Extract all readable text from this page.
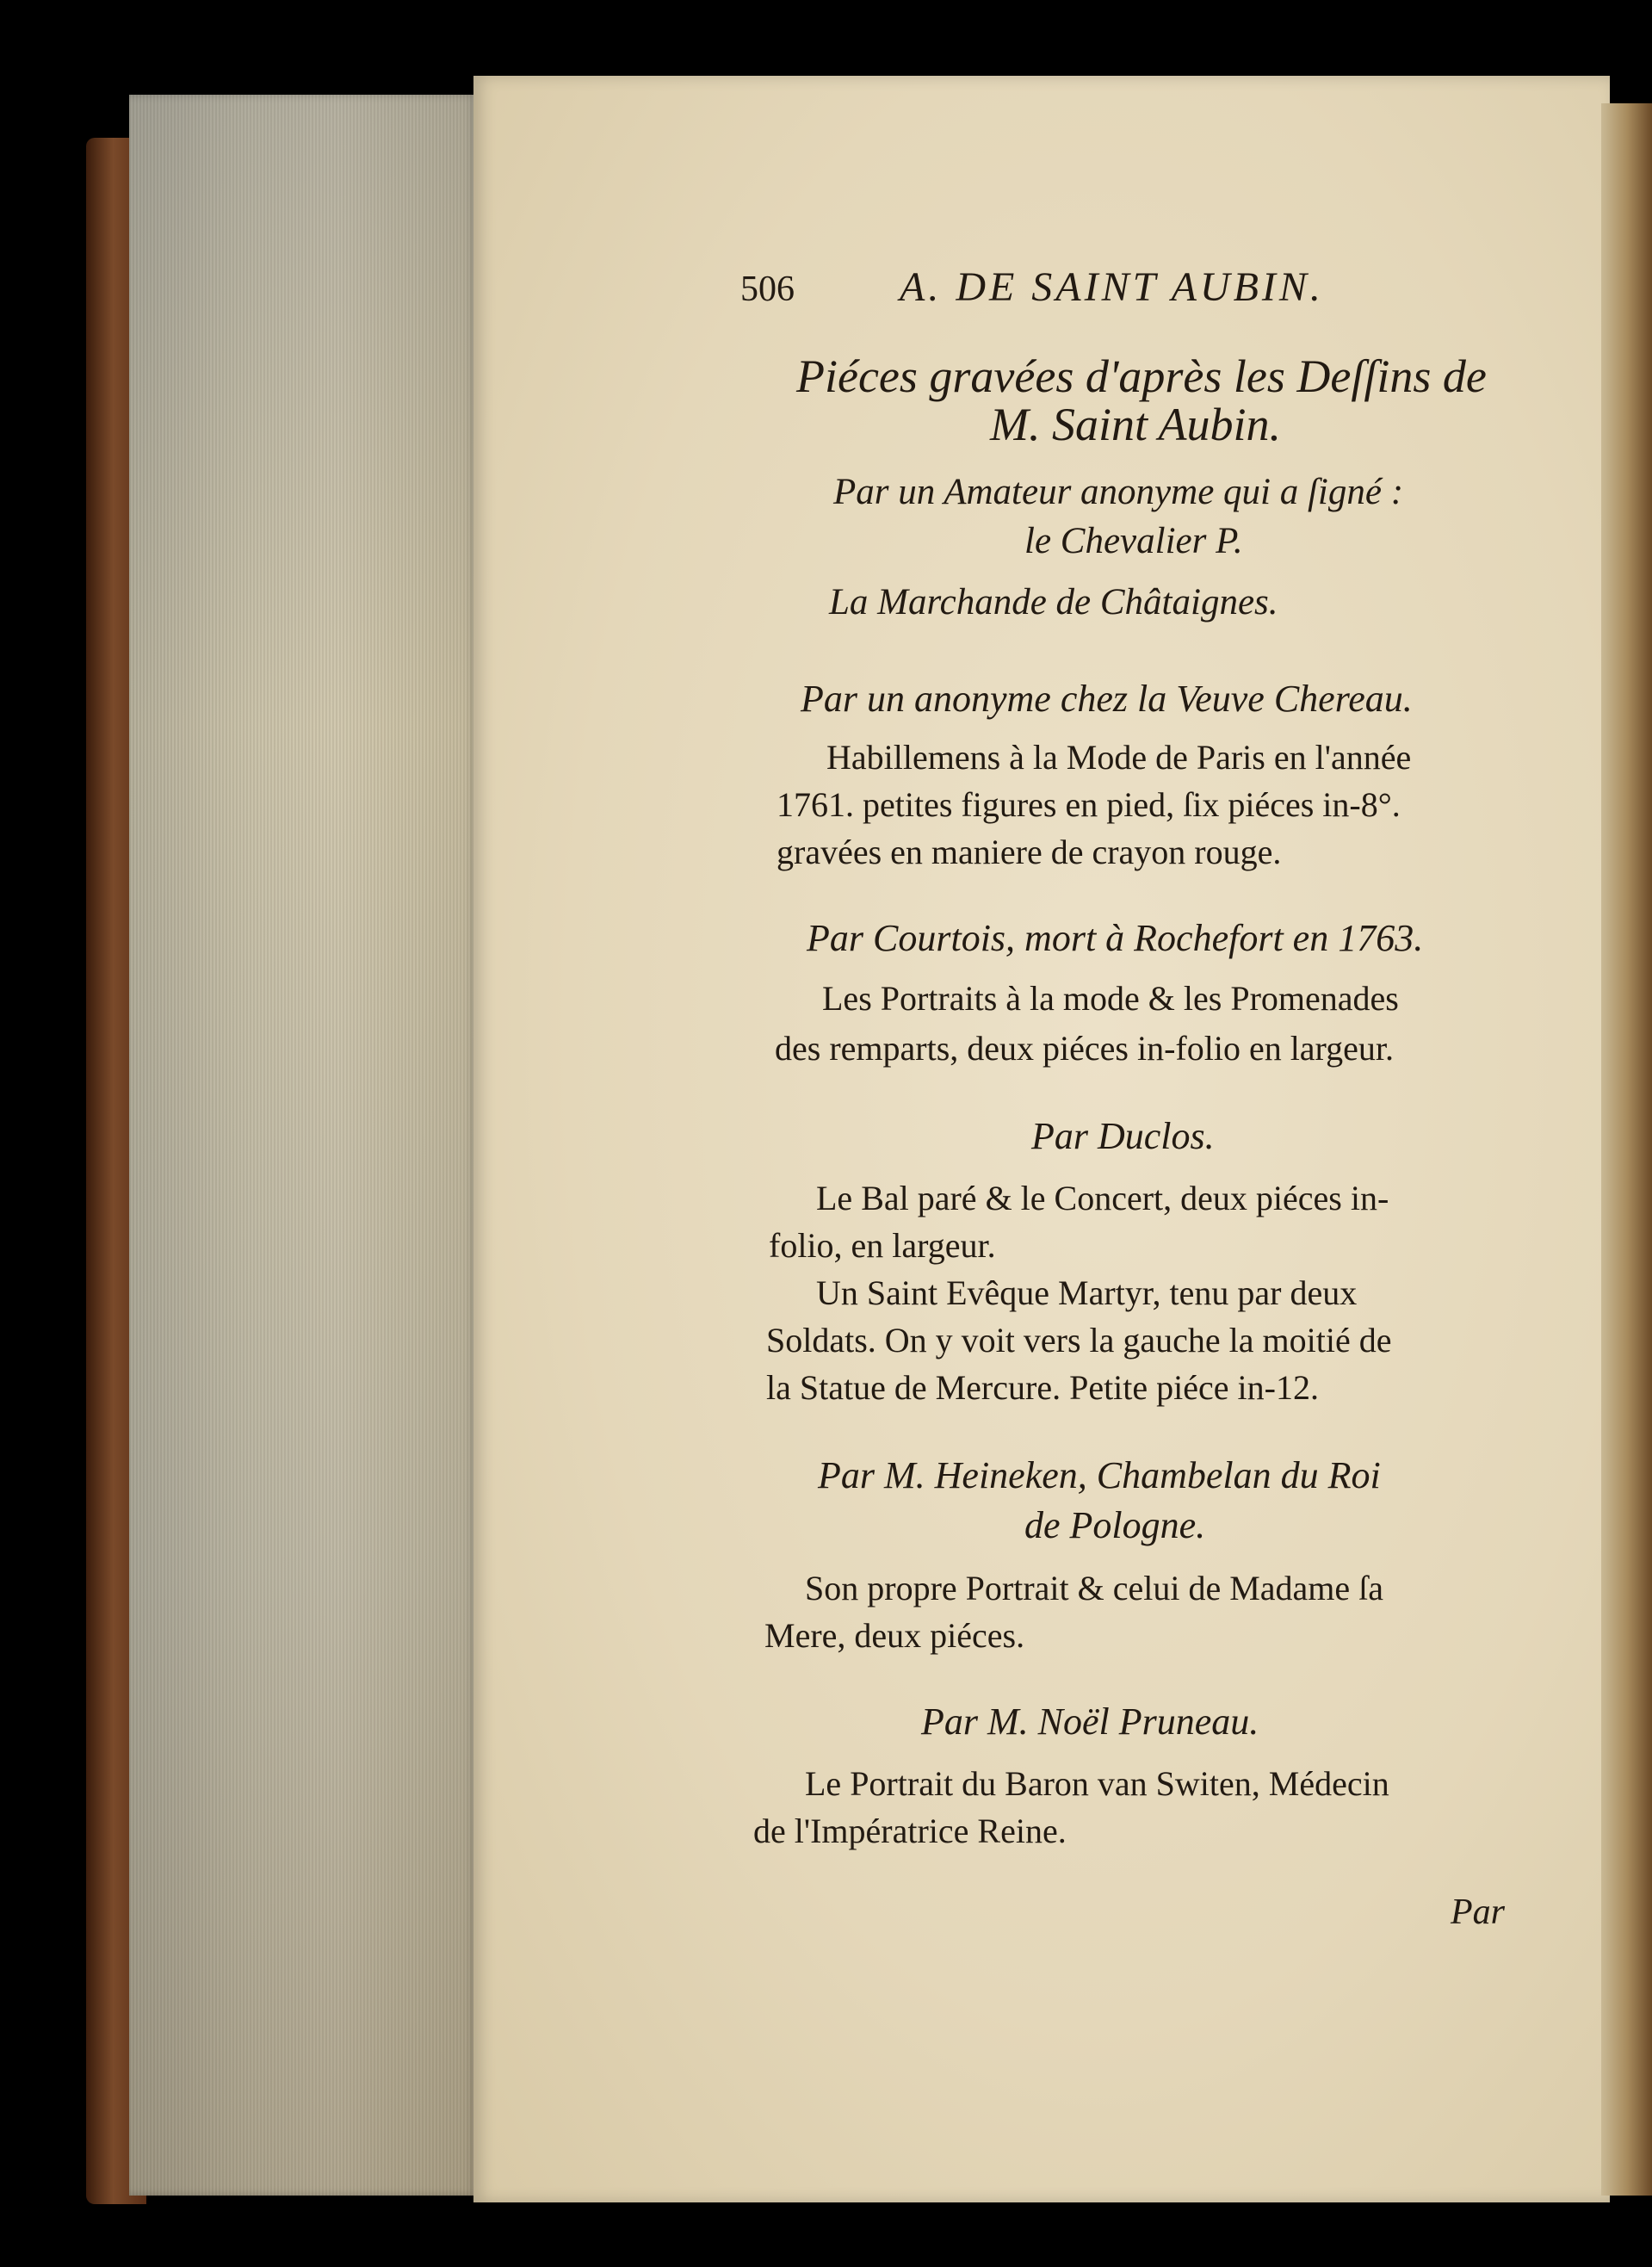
506	A. DE SAINT AUBIN.
Piéces gravées d'après les Deſſins de
M. Saint Aubin.
Par un Amateur anonyme qui a ſigné :
le Chevalier P.
La Marchande de Châtaignes.
Par un anonyme chez la Veuve Chereau.
Habillemens à la Mode de Paris en l'année
1761. petites figures en pied, ſix piéces in-8°.
gravées en maniere de crayon rouge.
Par Courtois, mort à Rochefort en 1763.
Les Portraits à la mode & les Promenades
des remparts, deux piéces in-folio en largeur.
Par Duclos.
Le Bal paré & le Concert, deux piéces in-
folio, en largeur.
Un Saint Evêque Martyr, tenu par deux
Soldats. On y voit vers la gauche la moitié de
la Statue de Mercure. Petite piéce in-12.
Par M. Heineken, Chambelan du Roi
de Pologne.
Son propre Portrait & celui de Madame ſa
Mere, deux piéces.
Par M. Noël Pruneau.
Le Portrait du Baron van Switen, Médecin
de l'Impératrice Reine.
Par
